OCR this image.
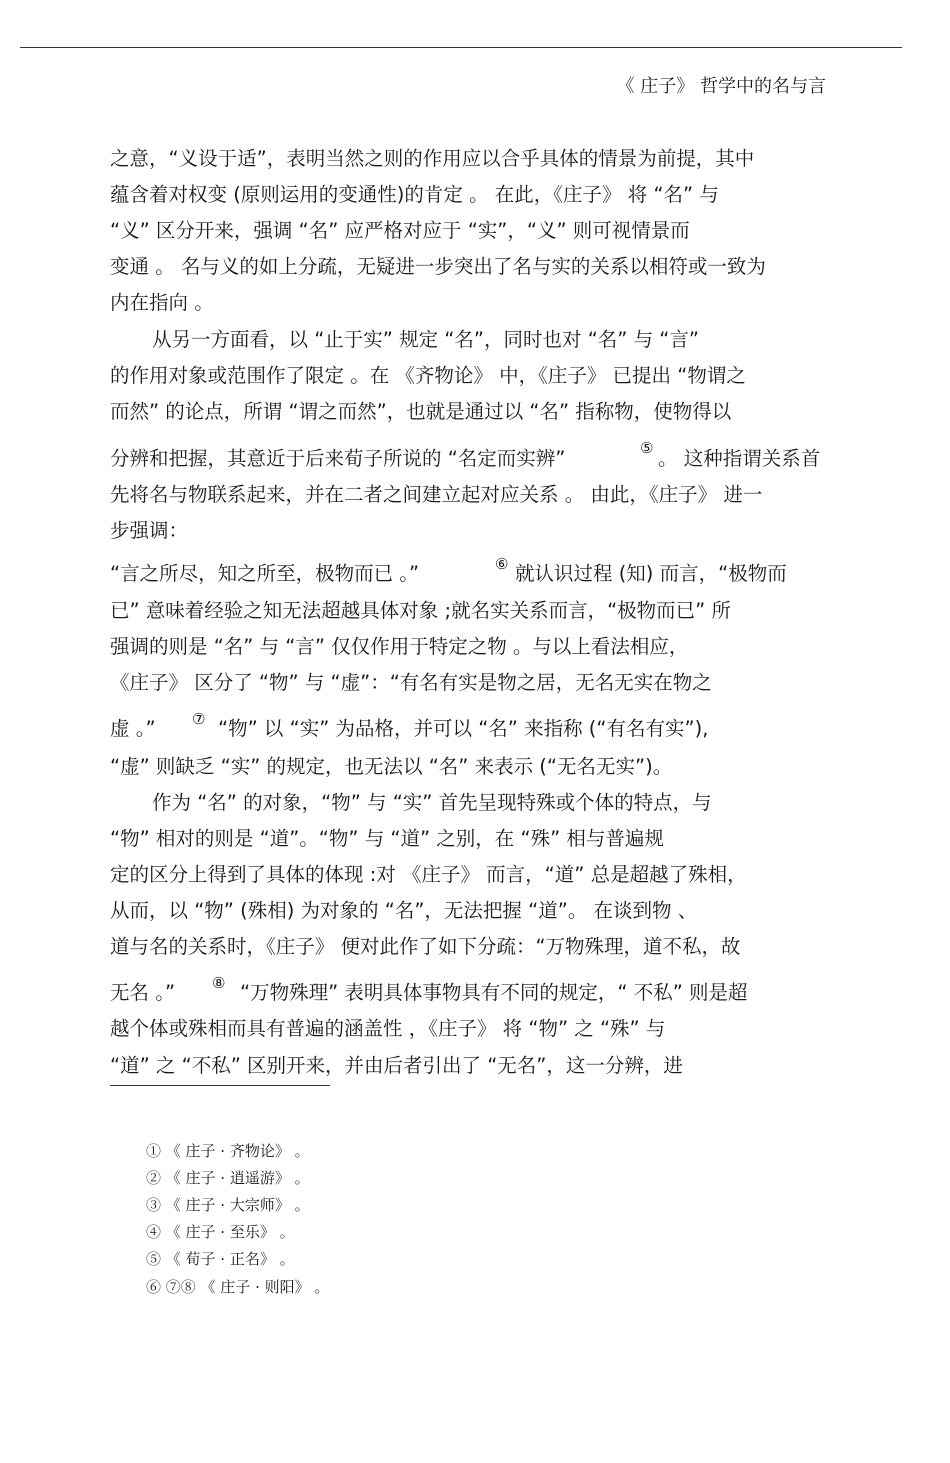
《 庄子》 哲学中的名与言
之意，“义设于适”，表明当然之则的作用应以合乎具体的情景为前提，其中
蕴含着对权变 (原则运用的变通性)的肯定 。 在此，《庄子》 将 “名” 与
“义” 区分开来，强调 “名” 应严格对应于 “实”，“义” 则可视情景而
变通 。 名与义的如上分疏，无疑进一步突出了名与实的关系以相符或一致为
内在指向 。
从另一方面看，以 “止于实” 规定 “名”，同时也对 “名” 与 “言”
的作用对象或范围作了限定 。在 《齐物论》 中，《庄子》 已提出 “物谓之
而然” 的论点，所谓 “谓之而然”，也就是通过以 “名” 指称物，使物得以
分辨和把握，其意近于后来荀子所说的 “名定而实辨”	⑤ 。 这种指谓关系首
先将名与物联系起来，并在二者之间建立起对应关系 。 由此，《庄子》 进一
步强调：
“言之所尽，知之所至，极物而已 。”	⑥ 就认识过程 (知) 而言，“极物而
已” 意味着经验之知无法超越具体对象 ;就名实关系而言，“极物而已” 所
强调的则是 “名” 与 “言” 仅仅作用于特定之物 。与以上看法相应，
《庄子》 区分了 “物” 与 “虚”：“有名有实是物之居，无名无实在物之
虚 。”	⑦ “物” 以 “实” 为品格，并可以 “名” 来指称 (“有名有实”),
“虚” 则缺乏 “实” 的规定，也无法以 “名” 来表示 (“无名无实”)。
作为 “名” 的对象，“物” 与 “实” 首先呈现特殊或个体的特点，与
“物” 相对的则是 “道”。“物” 与 “道” 之别，在 “殊” 相与普遍规
定的区分上得到了具体的体现 :对 《庄子》 而言，“道” 总是超越了殊相，
从而，以 “物” (殊相) 为对象的 “名”，无法把握 “道”。 在谈到物 、
道与名的关系时，《庄子》 便对此作了如下分疏：“万物殊理，道不私，故
无名 。”	⑧ “万物殊理” 表明具体事物具有不同的规定，“ 不私” 则是超
越个体或殊相而具有普遍的涵盖性 ，《庄子》 将 “物” 之 “殊” 与
“道” 之 “不私” 区别开来，并由后者引出了 “无名”，这一分辨，进
① 《 庄子 · 齐物论》 。
② 《 庄子 · 逍遥游》 。
③ 《 庄子 · 大宗师》 。
④ 《 庄子 · 至乐》 。
⑤ 《 荀子 · 正名》 。
⑥ ⑦⑧ 《 庄子 · 则阳》 。
